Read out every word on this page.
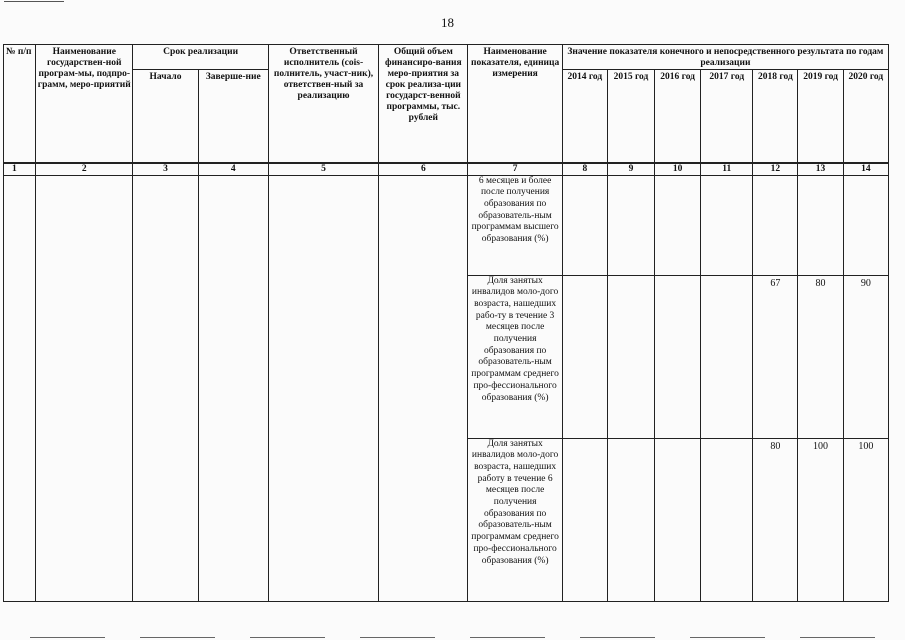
18
№ п/п	Наименование государствен-ной програм-мы, подпро-грамм, меро-приятий	Срок реализации		Ответственный исполнитель (сois-полнитель, участ-ник), ответствен-ный за реализацию	Общий объем финансиро-вания меро-приятия за срок реализа-ции государст-венной программы, тыс. рублей	Наименование показателя, единица измерения	Значение показателя конечного и непосредственного результата по годам реализации						
		Начало	Заверше-ние				2014 год	2015 год	2016 год	2017 год	2018 год	2019 год	2020 год
1	2	3	4	5	6	7	8	9	10	11	12	13	14
						6 месяцев и более после получения образования по образователь-ным программам высшего образования (%)							
						Доля занятых инвалидов моло-дого возраста, нашедших рабо-ту в течение 3 месяцев после получения образования по образователь-ным программам среднего про-фессионального образования (%)					67	80	90
						Доля занятых инвалидов моло-дого возраста, нашедших работу в течение 6 месяцев после получения образования по образователь-ным программам среднего про-фессионального образования (%)					80	100	100
